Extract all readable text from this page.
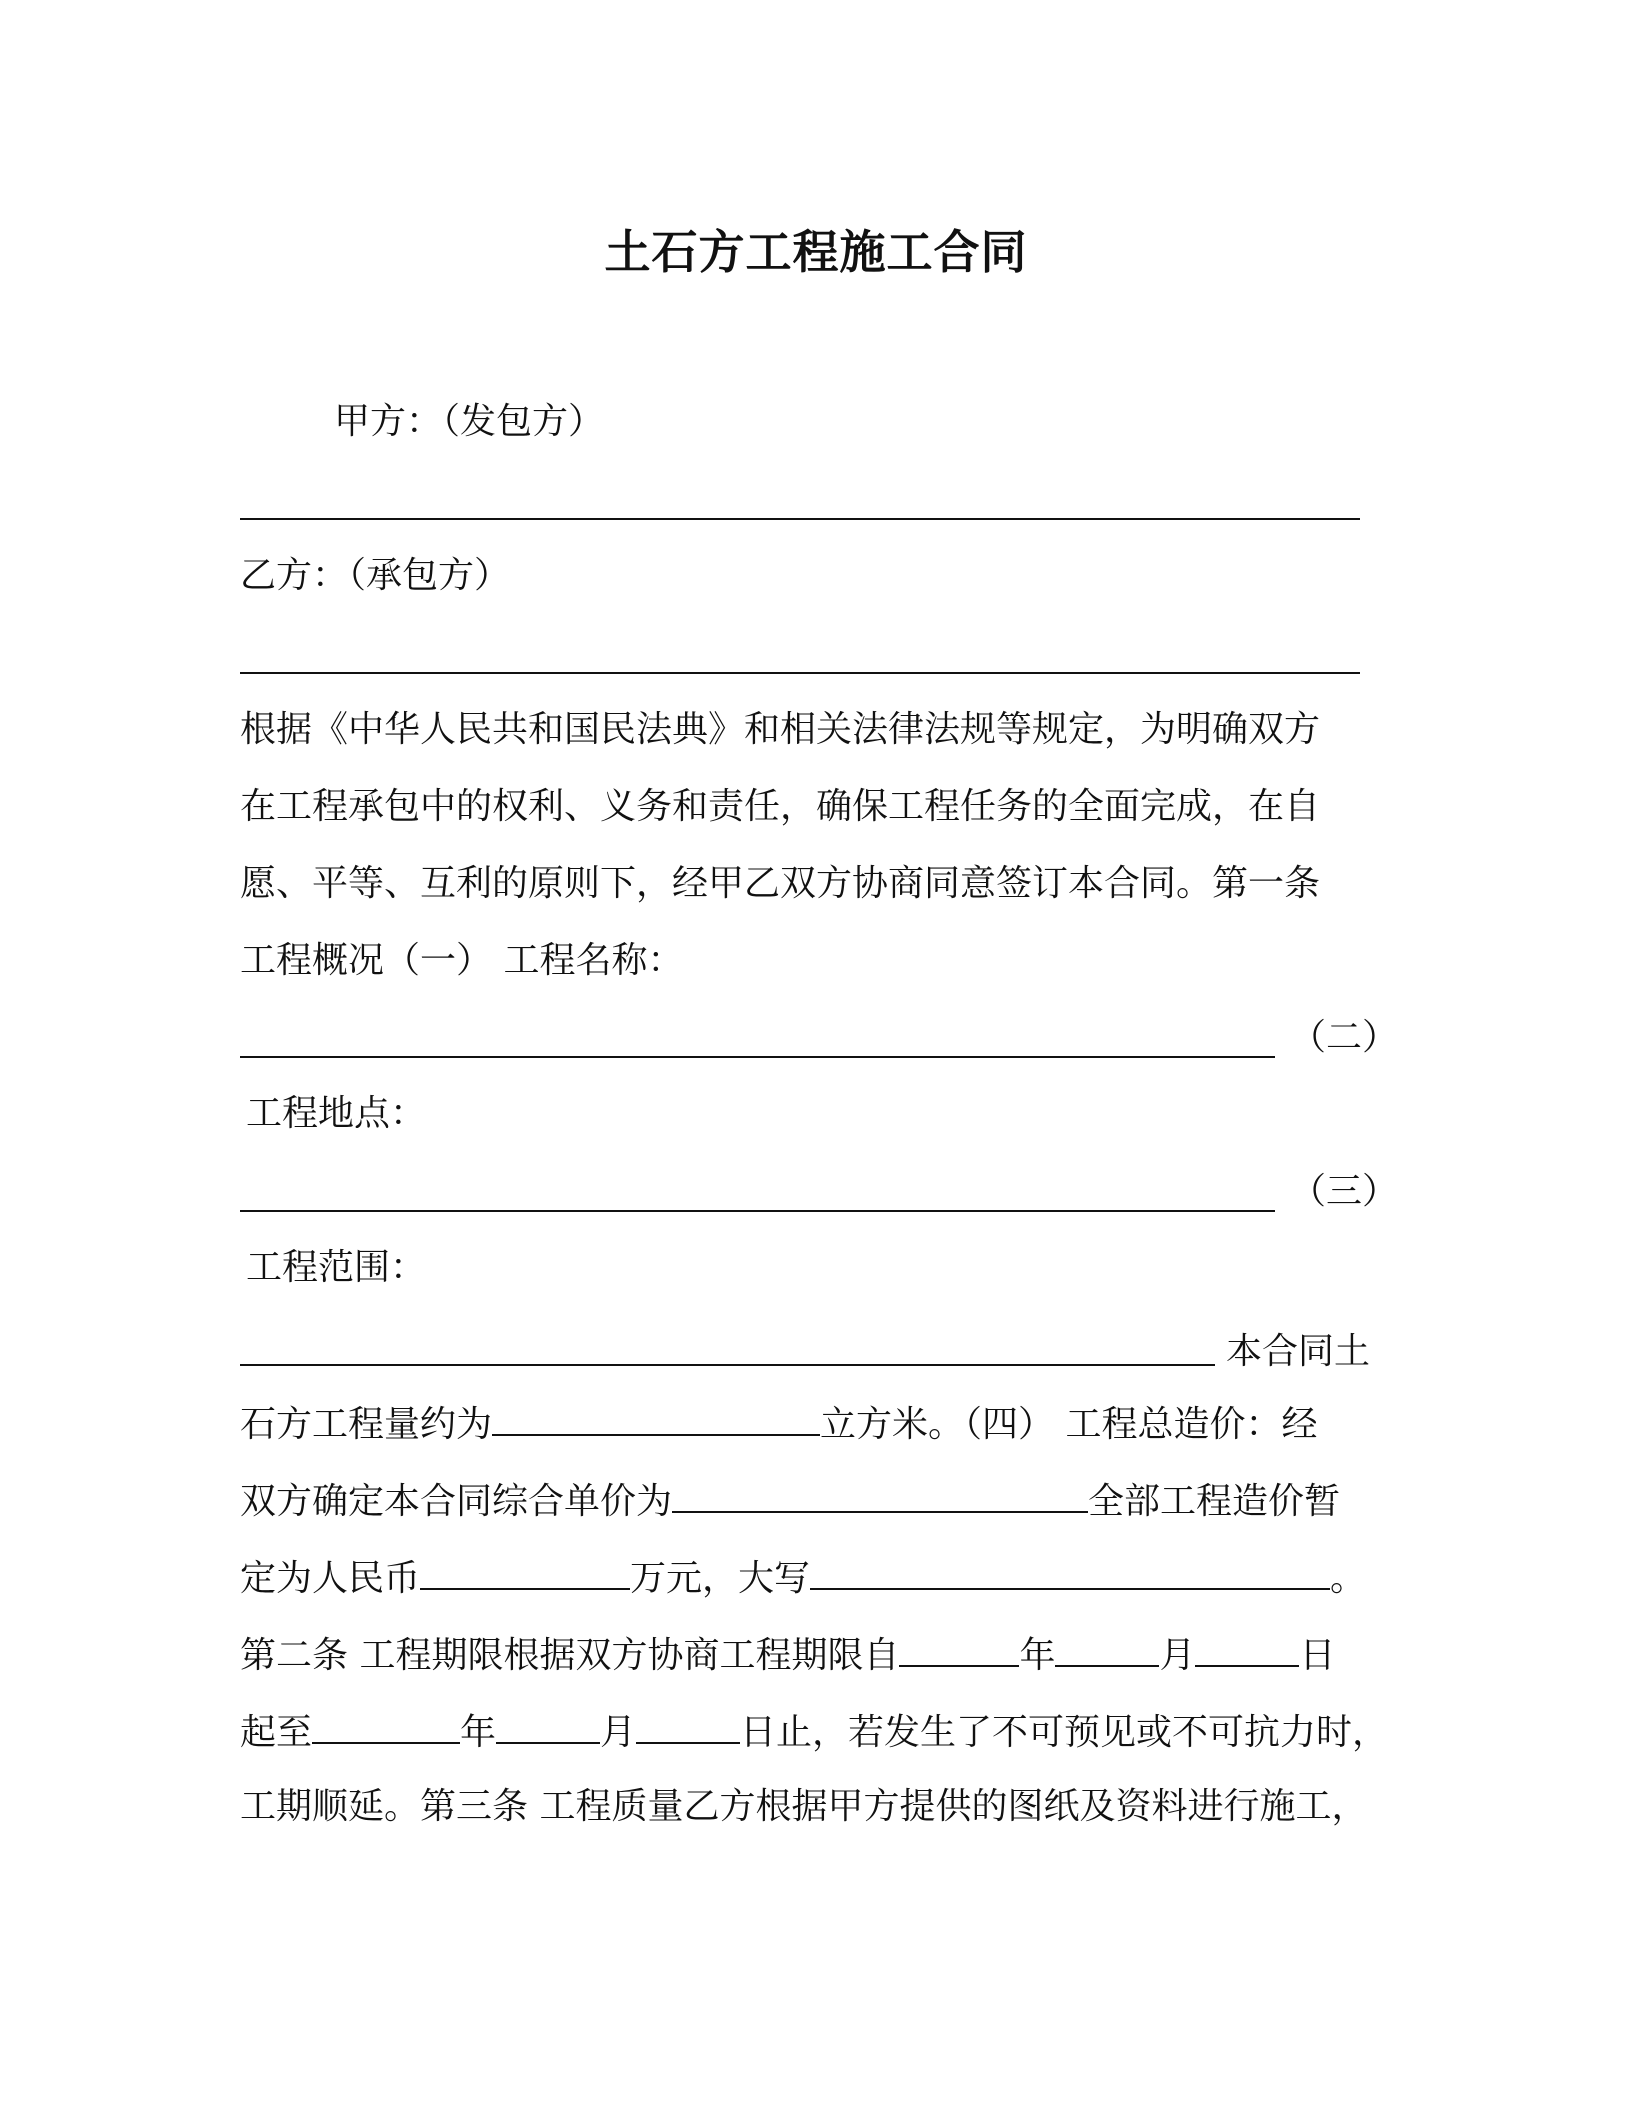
土石方工程施工合同
甲方：（发包方）
乙方：（承包方）
根据《中华人民共和国民法典》和相关法律法规等规定，为明确双方
在工程承包中的权利、义务和责任，确保工程任务的全面完成，在自
愿、平等、互利的原则下，经甲乙双方协商同意签订本合同。第一条
工程概况（一） 工程名称：
（二）
工程地点：
（三）
工程范围：
本合同土
石方工程量约为	立方米。（四） 工程总造价：经
双方确定本合同综合单价为	全部工程造价暂
定为人民币	万元，大写	。
第二条 工程期限根据双方协商工程期限自	年	月	日
起至	年	月	日止，若发生了不可预见或不可抗力时，
工期顺延。第三条 工程质量乙方根据甲方提供的图纸及资料进行施工，
